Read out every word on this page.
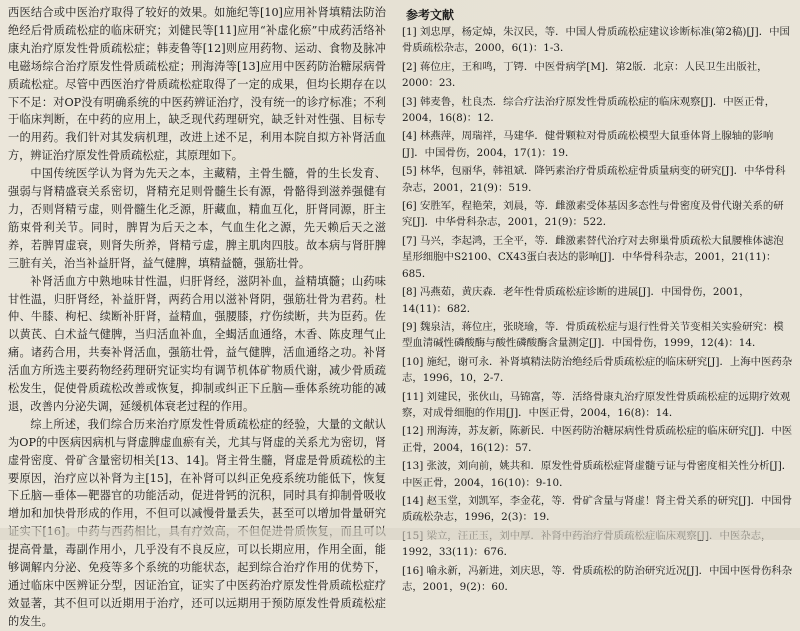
西医结合或中医治疗取得了较好的效果。如施纪等[10]应用补肾填精法防治绝经后骨质疏松症的临床研究；刘健民等[11]应用“补虚化瘀”中成药活络补康丸治疗原发性骨质疏松症；韩麦鲁等[12]则应用药物、运动、食物及脉冲电磁场综合治疗原发性骨质疏松症；刑海涛等[13]应用中医药防治糖尿病骨质疏松症。尽管中西医治疗骨质疏松症取得了一定的成果，但均长期存在以下不足：对OP没有明确系统的中医药辨证治疗，没有统一的诊疗标准；不利于临床判断，在中药的应用上，缺乏现代药理研究，缺乏针对性强、目标专一的用药。我们针对其发病机理，改进上述不足，利用本院自拟方补肾活血方，辨证治疗原发性骨质疏松症，其原理如下。

中国传统医学认为肾为先天之本，主藏精，主骨生髓，骨的生长发育、强弱与肾精盛衰关系密切，肾精充足则骨髓生长有源，骨骼得到滋养强健有力，否则肾精亏虚，则骨髓生化乏源，肝藏血，精血互化，肝肾同源，肝主筋束骨利关节。同时，脾胃为后天之本，气血生化之源，先天赖后天之滋养，若脾胃虚衰，则肾失所养，肾精亏虚，脾主肌肉四肢。故本病与肾肝脾三脏有关，治当补益肝肾，益气健脾，填精益髓，强筋壮骨。

补肾活血方中熟地味甘性温，归肝肾经，滋阴补血，益精填髓；山药味甘性温，归肝肾经，补益肝肾，两药合用以滋补肾阴，强筋壮骨为君药。杜仲、牛膝、枸杞、续断补肝肾，益精血，强腰膝，疗伤续断，共为臣药。佐以黄芪、白术益气健脾，当归活血补血，全蝎活血通络，木香、陈皮理气止痛。诸药合用，共奏补肾活血，强筋壮骨，益气健脾，活血通络之功。补肾活血方所选主要药物经药理研究证实均有调节机体矿物质代谢，减少骨质疏松发生，促使骨质疏松改善或恢复，抑制或纠正下丘脑—垂体系统功能的减退，改善内分泌失调，延缓机体衰老过程的作用。

综上所述，我们综合历来治疗原发性骨质疏松症的经验，大量的文献认为OP的中医病因病机与肾虚脾虚血瘀有关，尤其与肾虚的关系尤为密切，肾虚骨密度、骨矿含量密切相关[13、14]。肾主骨生髓，肾虚是骨质疏松的主要原因，治疗应以补肾为主[15]，在补肾可以纠正免疫系统功能低下，恢复下丘脑—垂体—靶器官的功能活动，促进骨钙的沉积，同时具有抑制骨吸收增加和加快骨形成的作用，不但可以减慢骨量丢失，甚至可以增加骨量研究 提高骨量，毒副作用小，几乎没有不良反应，可以长期应用，作用全面，能够调解内分泌、免疫等多个系统的功能状态，起到综合治疗作用的优势下，通过临床中医辨证分型，因证治宜，证实了中医药治疗原发性骨质疏松症疗效显著，其不但可以近期用于治疗，还可以远期用于预防原发性骨质疏松症的发生。

参考文献
[1] 刘忠厚，杨定焯，朱汉民，等．中国人骨质疏松症建议诊断标准(第2稿)[J]．中国骨质疏松杂志，2000，6(1)：1-3．
[2] 蒋位庄，王和鸣，丁锷．中医骨病学[M]．第2版．北京：人民卫生出版社，2000：23．
[3] 韩麦鲁，杜良杰．综合疗法治疗原发性骨质疏松症的临床观察[J]．中医正骨，2004，16(8)：12．
[4] 林燕萍，周瑞祥，马建华．健骨颗粒对骨质疏松模型大鼠垂体肾上腺轴的影响[J]．中国骨伤，2004，17(1)：19．
[5] 林华，包丽华，韩祖斌．降钙素治疗骨质疏松症骨质量病变的研究[J]．中华骨科杂志，2001，21(9)：519．
[6] 安胜军，程艳荣，刘晨，等．雌激素受体基因多态性与骨密度及骨代谢关系的研究[J]．中华骨科杂志，2001，21(9)：522．
[7] 马兴，李起鸿，王全平，等．雌激素替代治疗对去卵巢骨质疏松大鼠腰椎体滤泡星形细胞中S2100、CX43蛋白表达的影响[J]．中华骨科杂志，2001，21(11)：685．
[8] 冯燕茹，黄庆森．老年性骨质疏松症诊断的进展[J]．中国骨伤，2001，14(11)：682．
[9] 魏泉洁，蒋位庄，张晓瑜，等．骨质疏松症与退行性骨关节变相关实验研究：模型血清碱性磷酸酶与酸性磷酸酶含量测定[J]．中国骨伤，1999，12(4)：14．
[10] 施纪，谢可永．补肾填精法防治绝经后骨质疏松症的临床研究[J]．上海中医药杂志，1996，10，2-7．
[11] 刘建民，张伙山，马锦富，等．活络骨康丸治疗原发性骨质疏松症的远期疗效观察，对成骨细胞的作用[J]．中医正骨，2004，16(8)：14．
[12] 刑海涛，苏友新，陈新民．中医药防治糖尿病性骨质疏松症的临床研究[J]．中医正骨，2004，16(12)：57．
[13] 张波，刘向前，姚共和．原发性骨质疏松症肾虚髓亏证与骨密度相关性分析[J]．中医正骨，2004，16(10)：9-10．
[14] 赵玉堂，刘凯军，李金花，等．骨矿含量与肾虚！肾主骨关系的研究[J]．中国骨质疏松杂志，1996，2(3)：19．
1992，33(11)：676．
[16] 喻永新，冯新进，刘庆思，等．骨质疏松的防治研究近况[J]．中国中医骨伤科杂志，2001，9(2)：60．
